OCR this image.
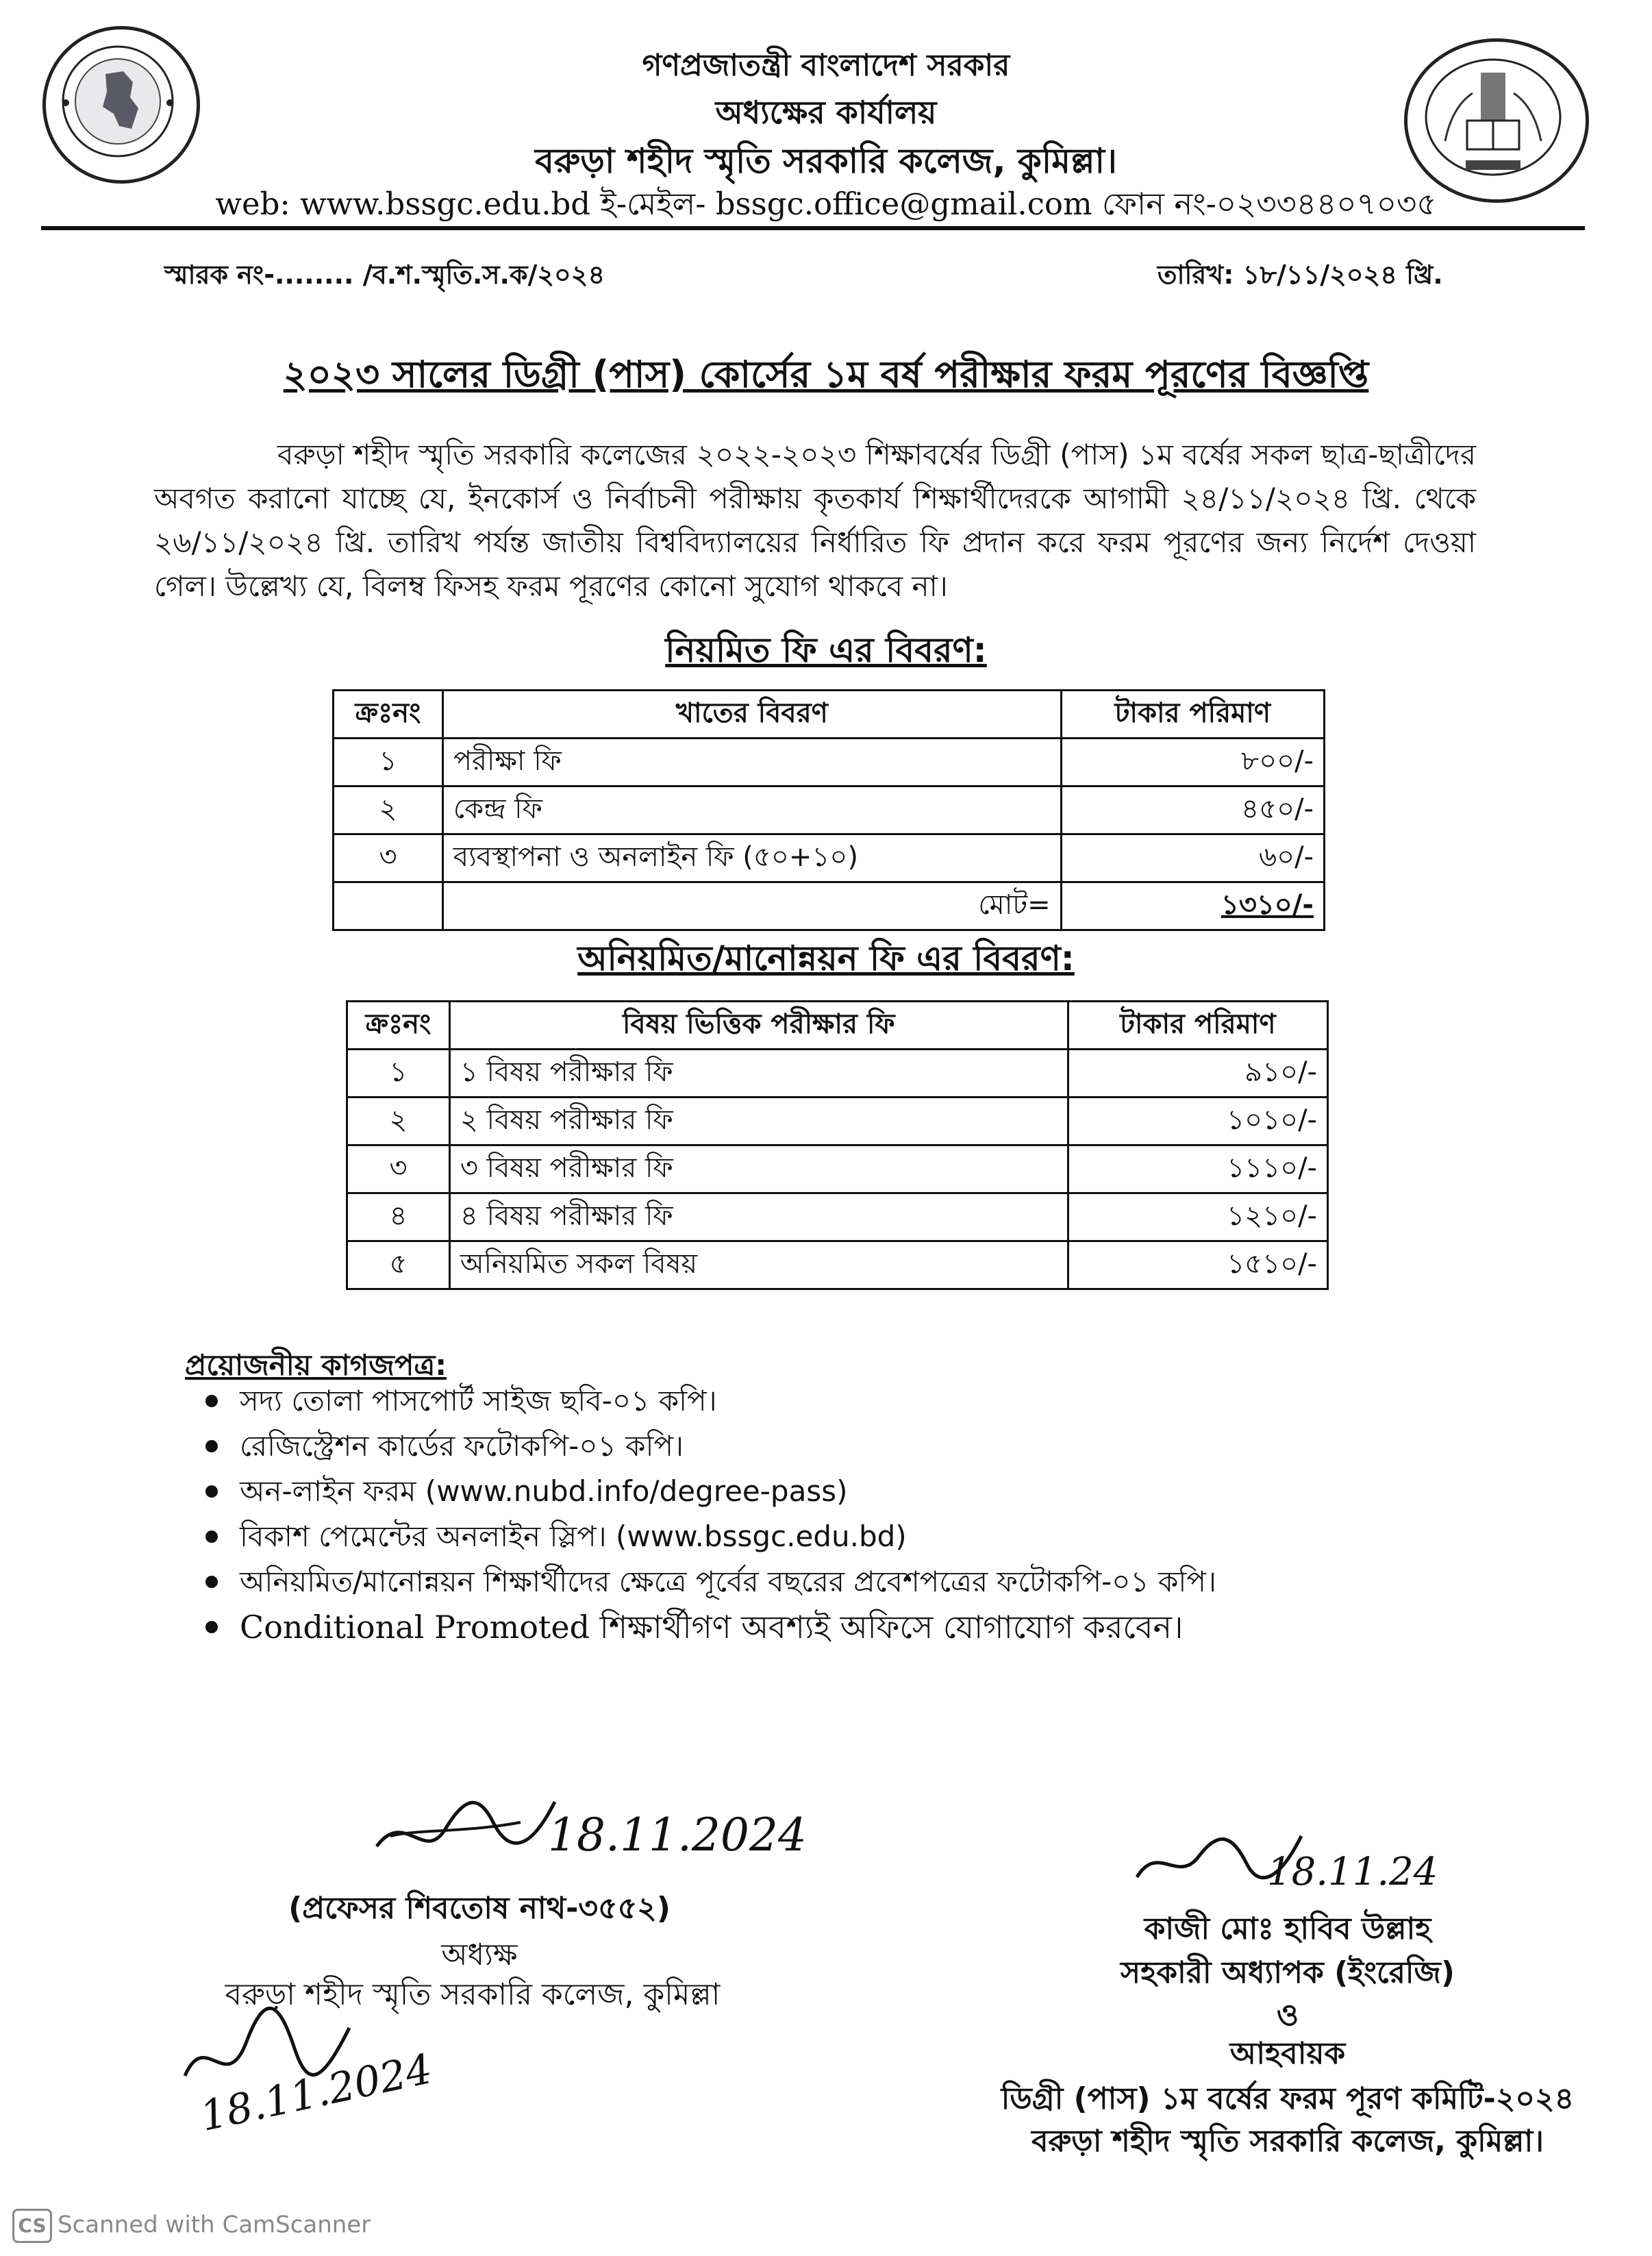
গণপ্রজাতন্ত্রী বাংলাদেশ সরকার
অধ্যক্ষের কার্যালয়
বরুড়া শহীদ স্মৃতি সরকারি কলেজ, কুমিল্লা।
web: www.bssgc.edu.bd ই-মেইল- bssgc.office@gmail.com ফোন নং-০২৩৩৪৪০৭০৩৫
স্মারক নং-........ /ব.শ.স্মৃতি.স.ক/২০২৪	তারিখ: ১৮/১১/২০২৪ খ্রি.
২০২৩ সালের ডিগ্রী (পাস) কোর্সের ১ম বর্ষ পরীক্ষার ফরম পূরণের বিজ্ঞপ্তি
বরুড়া শহীদ স্মৃতি সরকারি কলেজের ২০২২-২০২৩ শিক্ষাবর্ষের ডিগ্রী (পাস) ১ম বর্ষের সকল ছাত্র-ছাত্রীদের অবগত করানো যাচ্ছে যে, ইনকোর্স ও নির্বাচনী পরীক্ষায় কৃতকার্য শিক্ষার্থীদেরকে আগামী ২৪/১১/২০২৪ খ্রি. থেকে ২৬/১১/২০২৪ খ্রি. তারিখ পর্যন্ত জাতীয় বিশ্ববিদ্যালয়ের নির্ধারিত ফি প্রদান করে ফরম পূরণের জন্য নির্দেশ দেওয়া গেল। উল্লেখ্য যে, বিলম্ব ফিসহ ফরম পূরণের কোনো সুযোগ থাকবে না।
নিয়মিত ফি এর বিবরণ:
ক্রঃনং	খাতের বিবরণ	টাকার পরিমাণ
১	পরীক্ষা ফি	৮০০/-
২	কেন্দ্র ফি	৪৫০/-
৩	ব্যবস্থাপনা ও অনলাইন ফি (৫০+১০)	৬০/-
	মোট=	১৩১০/-
অনিয়মিত/মানোন্নয়ন ফি এর বিবরণ:
ক্রঃনং	বিষয় ভিত্তিক পরীক্ষার ফি	টাকার পরিমাণ
১	১ বিষয় পরীক্ষার ফি	৯১০/-
২	২ বিষয় পরীক্ষার ফি	১০১০/-
৩	৩ বিষয় পরীক্ষার ফি	১১১০/-
৪	৪ বিষয় পরীক্ষার ফি	১২১০/-
৫	অনিয়মিত সকল বিষয়	১৫১০/-
প্রয়োজনীয় কাগজপত্র:
সদ্য তোলা পাসপোর্ট সাইজ ছবি-০১ কপি।
রেজিস্ট্রেশন কার্ডের ফটোকপি-০১ কপি।
অন-লাইন ফরম (www.nubd.info/degree-pass)
বিকাশ পেমেন্টের অনলাইন স্লিপ। (www.bssgc.edu.bd)
অনিয়মিত/মানোন্নয়ন শিক্ষার্থীদের ক্ষেত্রে পূর্বের বছরের প্রবেশপত্রের ফটোকপি-০১ কপি।
Conditional Promoted শিক্ষার্থীগণ অবশ্যই অফিসে যোগাযোগ করবেন।
18.11.2024
(প্রফেসর শিবতোষ নাথ-৩৫৫২)
অধ্যক্ষ
বরুড়া শহীদ স্মৃতি সরকারি কলেজ, কুমিল্লা
18.11.2024
18.11.24
কাজী মোঃ হাবিব উল্লাহ
সহকারী অধ্যাপক (ইংরেজি)
ও
আহবায়ক
ডিগ্রী (পাস) ১ম বর্ষের ফরম পূরণ কমিটি-২০২৪
বরুড়া শহীদ স্মৃতি সরকারি কলেজ, কুমিল্লা।
CS Scanned with CamScanner
